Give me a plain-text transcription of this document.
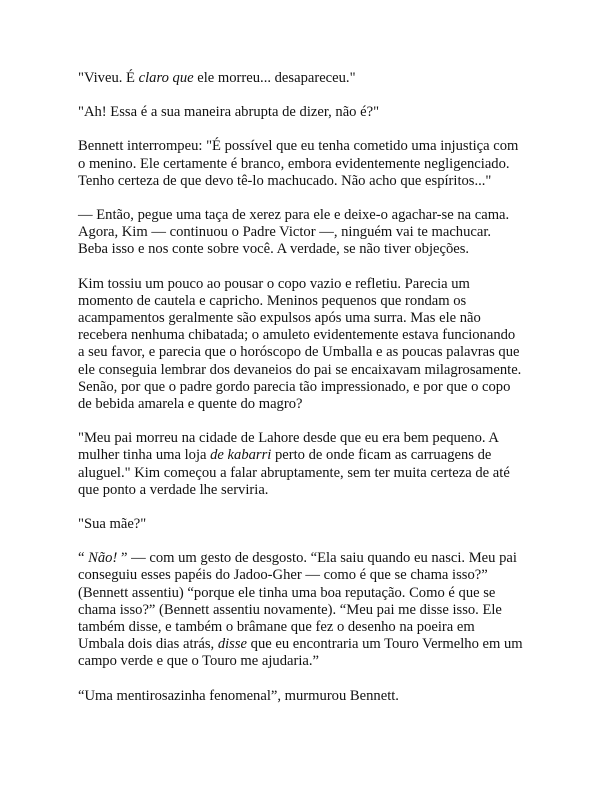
"Viveu. É claro que ele morreu... desapareceu."

"Ah! Essa é a sua maneira abrupta de dizer, não é?"

Bennett interrompeu: "É possível que eu tenha cometido uma injustiça com
o menino. Ele certamente é branco, embora evidentemente negligenciado.
Tenho certeza de que devo tê-lo machucado. Não acho que espíritos..."

— Então, pegue uma taça de xerez para ele e deixe-o agachar-se na cama.
Agora, Kim — continuou o Padre Victor —, ninguém vai te machucar.
Beba isso e nos conte sobre você. A verdade, se não tiver objeções.

Kim tossiu um pouco ao pousar o copo vazio e refletiu. Parecia um
momento de cautela e capricho. Meninos pequenos que rondam os
acampamentos geralmente são expulsos após uma surra. Mas ele não
recebera nenhuma chibatada; o amuleto evidentemente estava funcionando
a seu favor, e parecia que o horóscopo de Umballa e as poucas palavras que
ele conseguia lembrar dos devaneios do pai se encaixavam milagrosamente.
Senão, por que o padre gordo parecia tão impressionado, e por que o copo
de bebida amarela e quente do magro?

"Meu pai morreu na cidade de Lahore desde que eu era bem pequeno. A
mulher tinha uma loja de kabarri perto de onde ficam as carruagens de
aluguel." Kim começou a falar abruptamente, sem ter muita certeza de até
que ponto a verdade lhe serviria.

"Sua mãe?"

“ Não! ” — com um gesto de desgosto. “Ela saiu quando eu nasci. Meu pai
conseguiu esses papéis do Jadoo-Gher — como é que se chama isso?”
(Bennett assentiu) “porque ele tinha uma boa reputação. Como é que se
chama isso?” (Bennett assentiu novamente). “Meu pai me disse isso. Ele
também disse, e também o brâmane que fez o desenho na poeira em
Umbala dois dias atrás, disse que eu encontraria um Touro Vermelho em um
campo verde e que o Touro me ajudaria.”

“Uma mentirosazinha fenomenal”, murmurou Bennett.
